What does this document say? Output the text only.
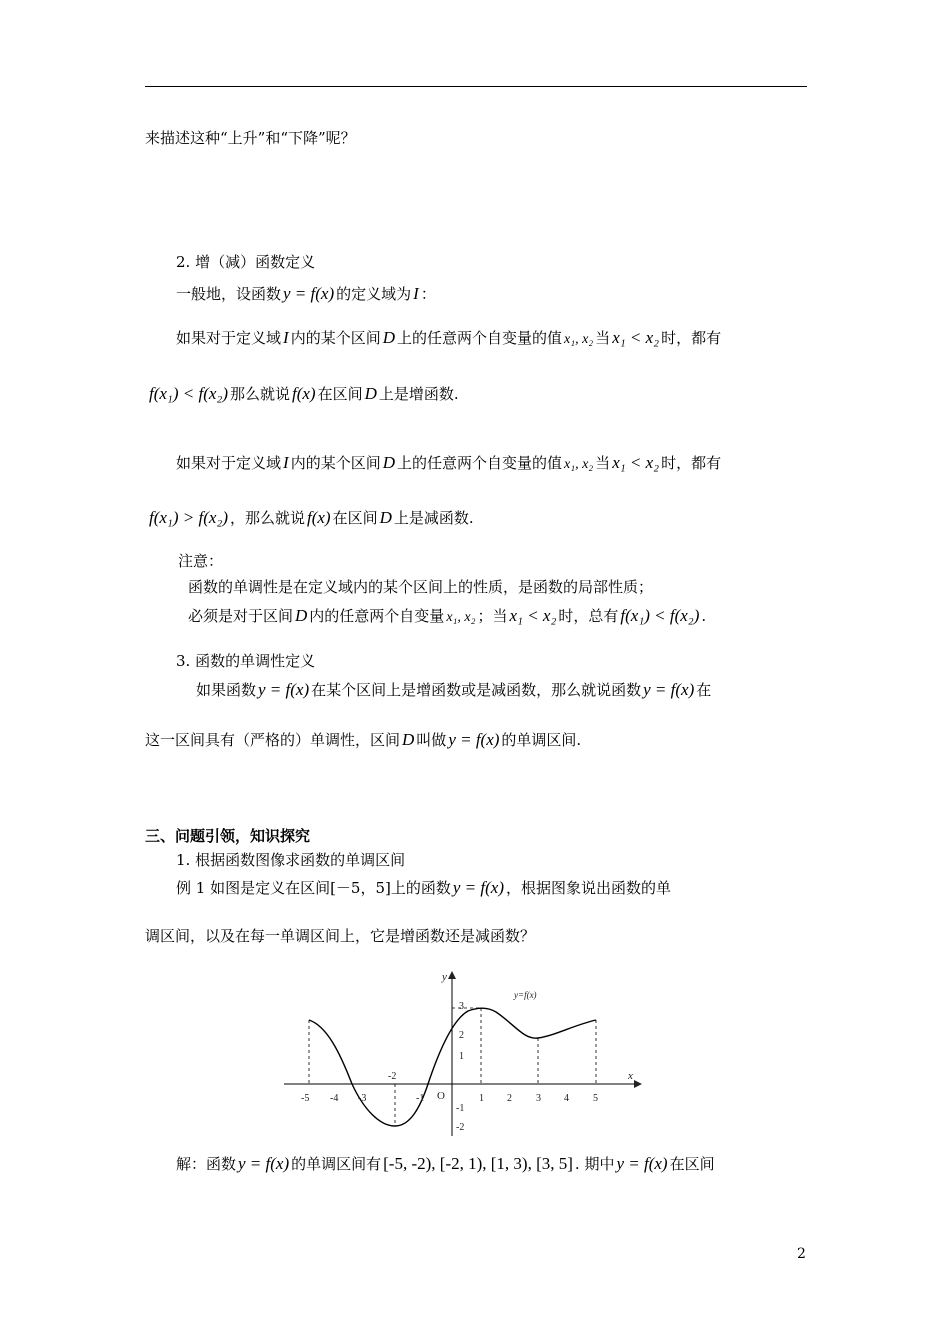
来描述这种“上升”和“下降”呢？
2. 增（减）函数定义
一般地，设函数 y = f(x) 的定义域为 I ：
如果对于定义域 I 内的某个区间 D 上的任意两个自变量的值 x₁, x₂ 当 x₁ < x₂ 时，都有
f(x₁) < f(x₂) 那么就说 f(x) 在区间 D 上是增函数.
如果对于定义域 I 内的某个区间 D 上的任意两个自变量的值 x₁, x₂ 当 x₁ < x₂ 时，都有
f(x₁) > f(x₂) ，那么就说 f(x) 在区间 D 上是减函数.
注意：
函数的单调性是在定义域内的某个区间上的性质，是函数的局部性质；
必须是对于区间 D 内的任意两个自变量 x₁, x₂ ；当 x₁ < x₂ 时，总有 f(x₁) < f(x₂) .
3. 函数的单调性定义
如果函数 y = f(x) 在某个区间上是增函数或是减函数，那么就说函数 y = f(x) 在
这一区间具有（严格的）单调性，区间 D 叫做 y = f(x) 的单调区间.
三、问题引领，知识探究
1. 根据函数图像求函数的单调区间
例 1 如图是定义在区间[－5，5]上的函数 y = f(x) ，根据图象说出函数的单
调区间，以及在每一单调区间上，它是增函数还是减函数？
x
y
O
y=f(x)
-5 -4 -3	-1	1 2 3 4 5
-2
3
2
1
-1
-2
解：函数 y = f(x) 的单调区间有 [-5, -2), [-2, 1), [1, 3), [3, 5] . 期中 y = f(x) 在区间
2
